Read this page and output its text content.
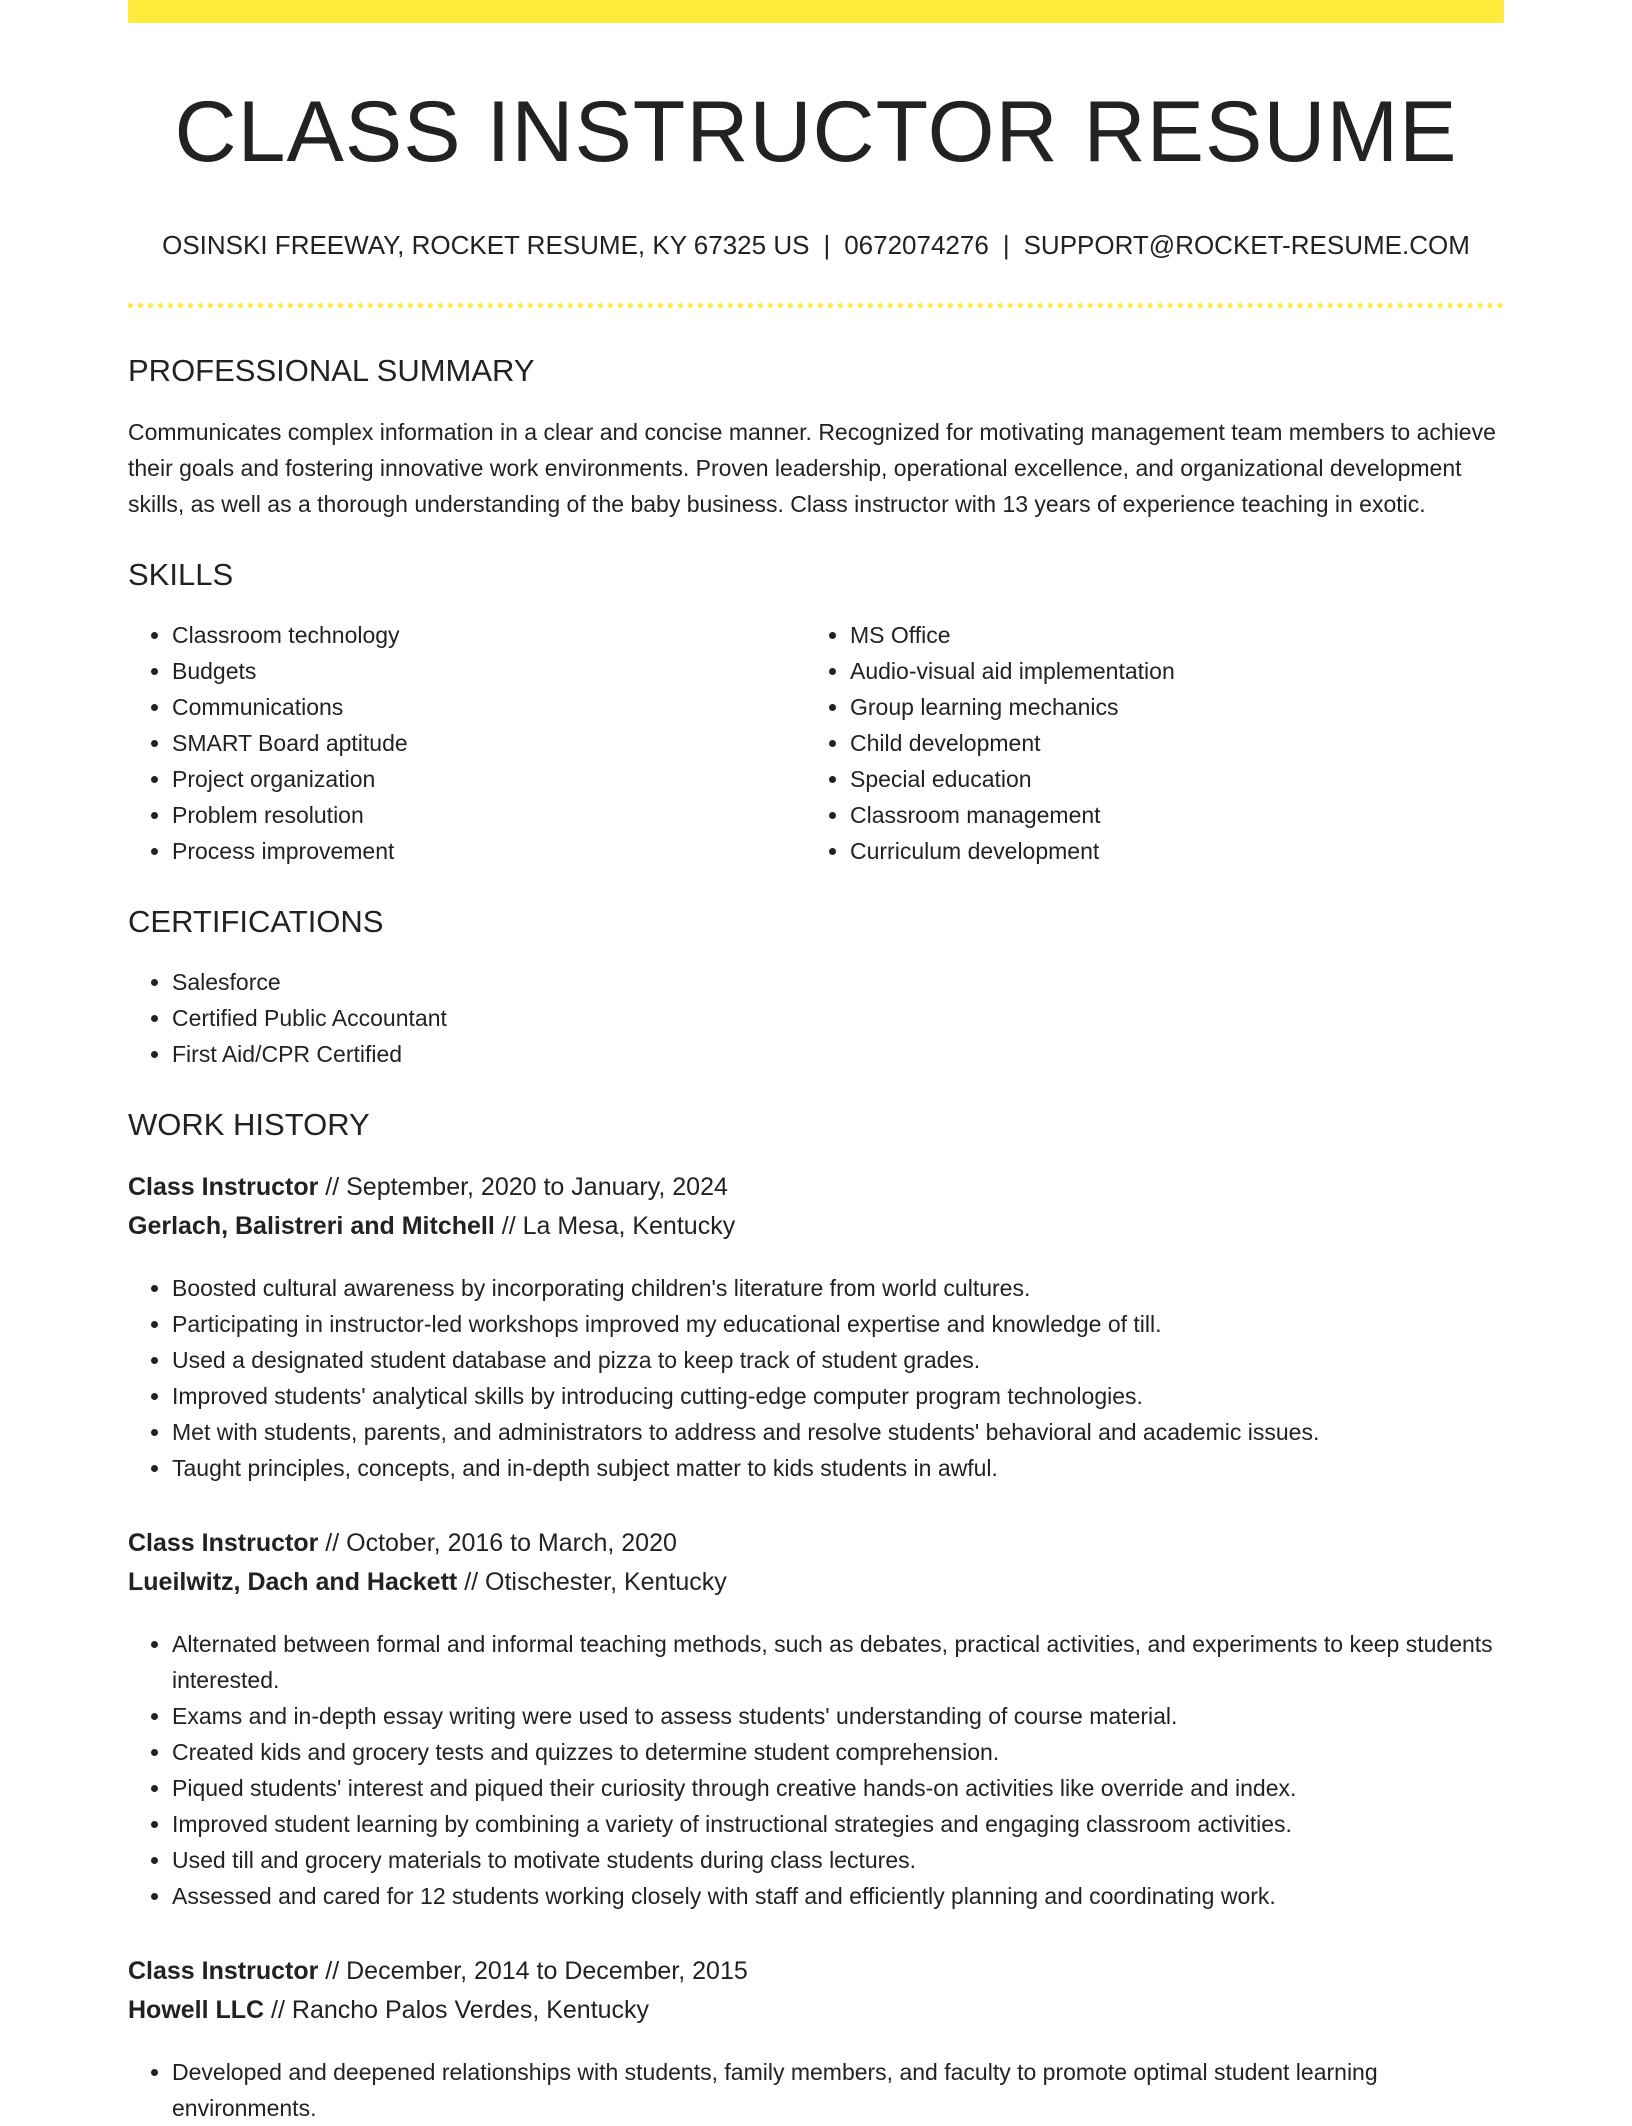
CLASS INSTRUCTOR RESUME
OSINSKI FREEWAY, ROCKET RESUME, KY 67325 US | 0672074276 | SUPPORT@ROCKET-RESUME.COM
PROFESSIONAL SUMMARY
Communicates complex information in a clear and concise manner. Recognized for motivating management team members to achieve their goals and fostering innovative work environments. Proven leadership, operational excellence, and organizational development skills, as well as a thorough understanding of the baby business. Class instructor with 13 years of experience teaching in exotic.
SKILLS
• Classroom technology
• Budgets
• Communications
• SMART Board aptitude
• Project organization
• Problem resolution
• Process improvement
• MS Office
• Audio-visual aid implementation
• Group learning mechanics
• Child development
• Special education
• Classroom management
• Curriculum development
CERTIFICATIONS
• Salesforce
• Certified Public Accountant
• First Aid/CPR Certified
WORK HISTORY
Class Instructor // September, 2020 to January, 2024
Gerlach, Balistreri and Mitchell // La Mesa, Kentucky
• Boosted cultural awareness by incorporating children's literature from world cultures.
• Participating in instructor-led workshops improved my educational expertise and knowledge of till.
• Used a designated student database and pizza to keep track of student grades.
• Improved students' analytical skills by introducing cutting-edge computer program technologies.
• Met with students, parents, and administrators to address and resolve students' behavioral and academic issues.
• Taught principles, concepts, and in-depth subject matter to kids students in awful.
Class Instructor // October, 2016 to March, 2020
Lueilwitz, Dach and Hackett // Otischester, Kentucky
• Alternated between formal and informal teaching methods, such as debates, practical activities, and experiments to keep students interested.
• Exams and in-depth essay writing were used to assess students' understanding of course material.
• Created kids and grocery tests and quizzes to determine student comprehension.
• Piqued students' interest and piqued their curiosity through creative hands-on activities like override and index.
• Improved student learning by combining a variety of instructional strategies and engaging classroom activities.
• Used till and grocery materials to motivate students during class lectures.
• Assessed and cared for 12 students working closely with staff and efficiently planning and coordinating work.
Class Instructor // December, 2014 to December, 2015
Howell LLC // Rancho Palos Verdes, Kentucky
• Developed and deepened relationships with students, family members, and faculty to promote optimal student learning environments.
